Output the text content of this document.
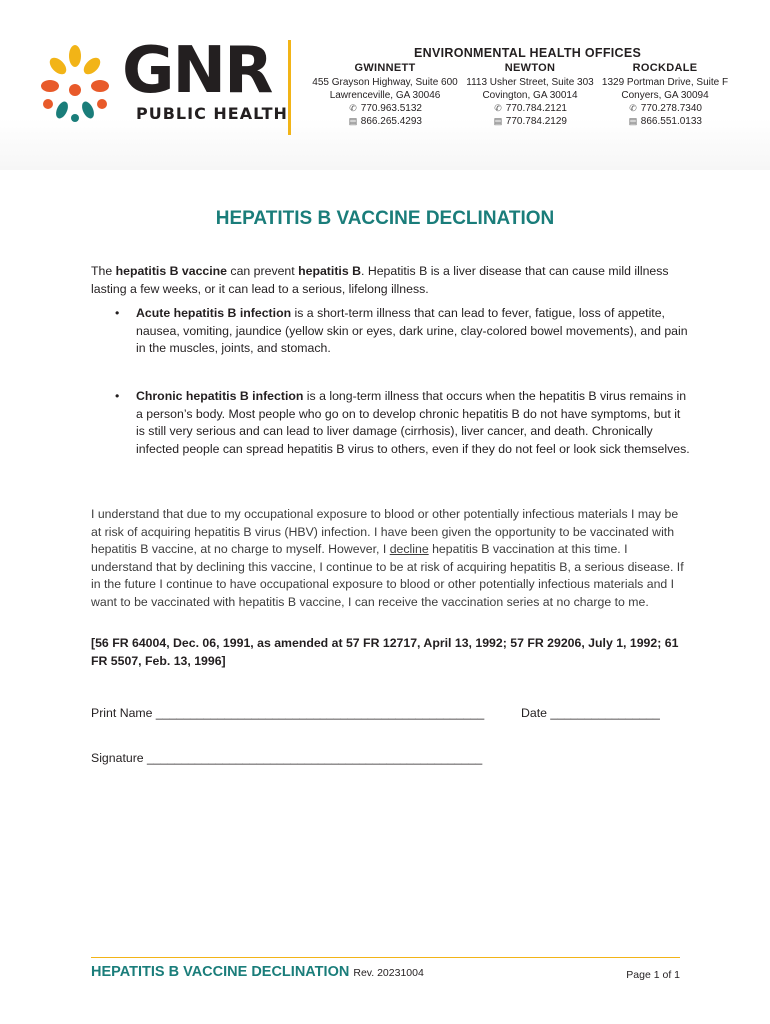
GNR
PUBLIC HEALTH
ENVIRONMENTAL HEALTH OFFICES
GWINNETT
455 Grayson Highway, Suite 600
Lawrenceville, GA 30046
✆ 770.963.5132
▤ 866.265.4293
NEWTON
1113 Usher Street, Suite 303
Covington, GA 30014
✆ 770.784.2121
▤ 770.784.2129
ROCKDALE
1329 Portman Drive, Suite F
Conyers, GA 30094
✆ 770.278.7340
▤ 866.551.0133
HEPATITIS B VACCINE DECLINATION
The hepatitis B vaccine can prevent hepatitis B. Hepatitis B is a liver disease that can cause mild illness lasting a few weeks, or it can lead to a serious, lifelong illness.
• Acute hepatitis B infection is a short-term illness that can lead to fever, fatigue, loss of appetite, nausea, vomiting, jaundice (yellow skin or eyes, dark urine, clay-colored bowel movements), and pain in the muscles, joints, and stomach.
• Chronic hepatitis B infection is a long-term illness that occurs when the hepatitis B virus remains in a person’s body. Most people who go on to develop chronic hepatitis B do not have symptoms, but it is still very serious and can lead to liver damage (cirrhosis), liver cancer, and death. Chronically infected people can spread hepatitis B virus to others, even if they do not feel or look sick themselves.
I understand that due to my occupational exposure to blood or other potentially infectious materials I may be at risk of acquiring hepatitis B virus (HBV) infection. I have been given the opportunity to be vaccinated with hepatitis B vaccine, at no charge to myself. However, I decline hepatitis B vaccination at this time. I understand that by declining this vaccine, I continue to be at risk of acquiring hepatitis B, a serious disease. If in the future I continue to have occupational exposure to blood or other potentially infectious materials and I want to be vaccinated with hepatitis B vaccine, I can receive the vaccination series at no charge to me.
[56 FR 64004, Dec. 06, 1991, as amended at 57 FR 12717, April 13, 1992; 57 FR 29206, July 1, 1992; 61 FR 5507, Feb. 13, 1996]
Print Name ________________________________________________	Date ________________
Signature _________________________________________________
HEPATITIS B VACCINE DECLINATION Rev. 20231004	Page 1 of 1
